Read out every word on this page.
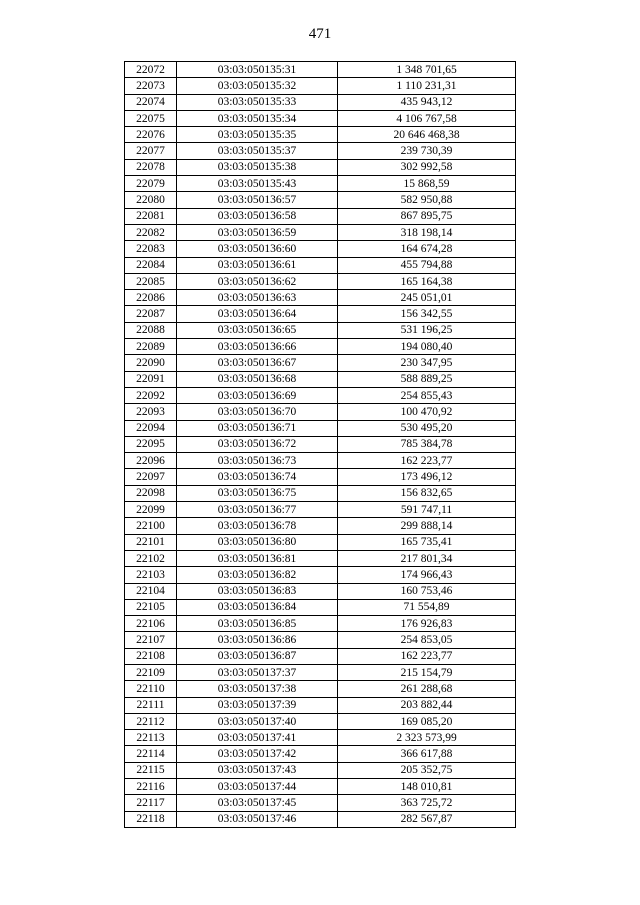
471
22072	03:03:050135:31	1 348 701,65
22073	03:03:050135:32	1 110 231,31
22074	03:03:050135:33	435 943,12
22075	03:03:050135:34	4 106 767,58
22076	03:03:050135:35	20 646 468,38
22077	03:03:050135:37	239 730,39
22078	03:03:050135:38	302 992,58
22079	03:03:050135:43	15 868,59
22080	03:03:050136:57	582 950,88
22081	03:03:050136:58	867 895,75
22082	03:03:050136:59	318 198,14
22083	03:03:050136:60	164 674,28
22084	03:03:050136:61	455 794,88
22085	03:03:050136:62	165 164,38
22086	03:03:050136:63	245 051,01
22087	03:03:050136:64	156 342,55
22088	03:03:050136:65	531 196,25
22089	03:03:050136:66	194 080,40
22090	03:03:050136:67	230 347,95
22091	03:03:050136:68	588 889,25
22092	03:03:050136:69	254 855,43
22093	03:03:050136:70	100 470,92
22094	03:03:050136:71	530 495,20
22095	03:03:050136:72	785 384,78
22096	03:03:050136:73	162 223,77
22097	03:03:050136:74	173 496,12
22098	03:03:050136:75	156 832,65
22099	03:03:050136:77	591 747,11
22100	03:03:050136:78	299 888,14
22101	03:03:050136:80	165 735,41
22102	03:03:050136:81	217 801,34
22103	03:03:050136:82	174 966,43
22104	03:03:050136:83	160 753,46
22105	03:03:050136:84	71 554,89
22106	03:03:050136:85	176 926,83
22107	03:03:050136:86	254 853,05
22108	03:03:050136:87	162 223,77
22109	03:03:050137:37	215 154,79
22110	03:03:050137:38	261 288,68
22111	03:03:050137:39	203 882,44
22112	03:03:050137:40	169 085,20
22113	03:03:050137:41	2 323 573,99
22114	03:03:050137:42	366 617,88
22115	03:03:050137:43	205 352,75
22116	03:03:050137:44	148 010,81
22117	03:03:050137:45	363 725,72
22118	03:03:050137:46	282 567,87
